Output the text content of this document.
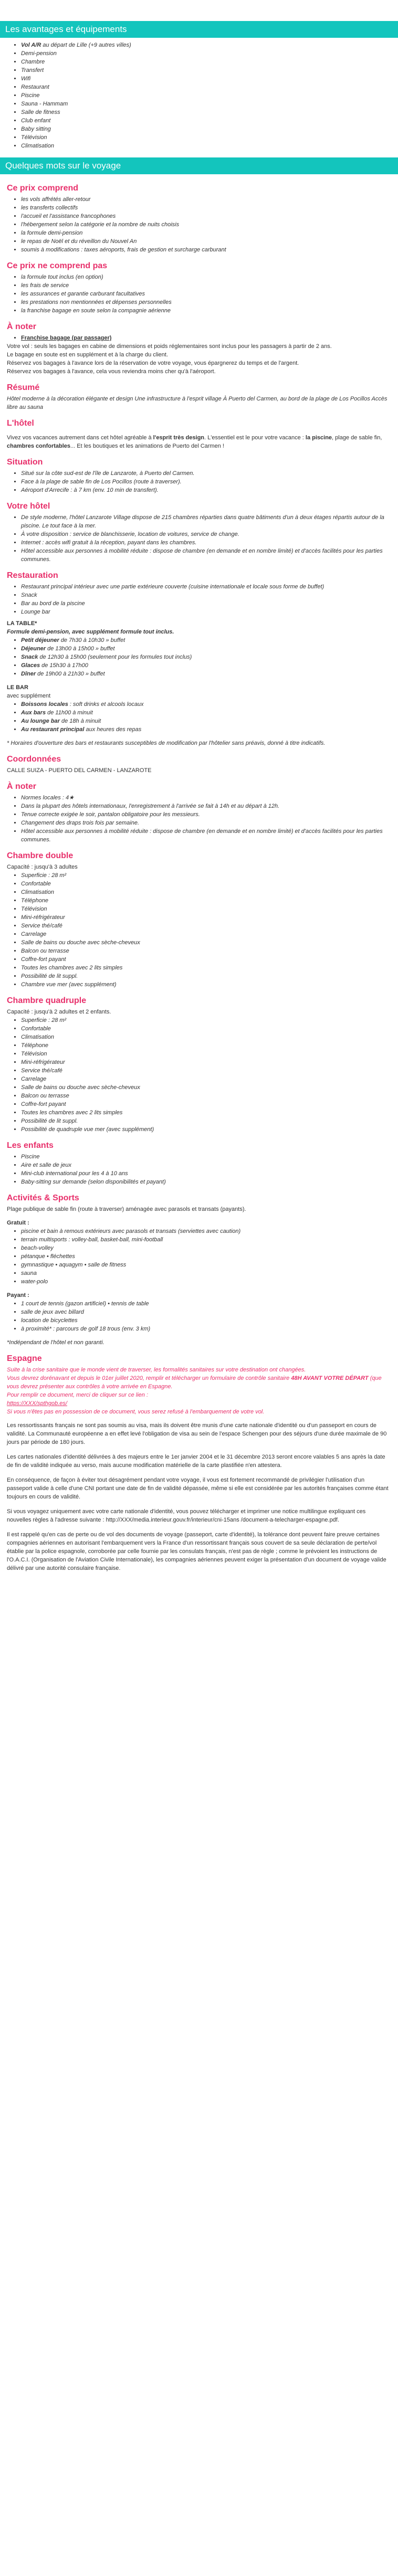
Les avantages et équipements
• Vol A/R au départ de Lille (+9 autres villes)
• Demi-pension
• Chambre
• Transfert
• Wifi
• Restaurant
• Piscine
• Sauna - Hammam
• Salle de fitness
• Club enfant
• Baby sitting
• Télévision
• Climatisation
Quelques mots sur le voyage
Ce prix comprend
• les vols affrétés aller-retour
• les transferts collectifs
• l'accueil et l'assistance francophones
• l'hébergement selon la catégorie et la nombre de nuits choisis
• la formule demi-pension
• le repas de Noël et du réveillon du Nouvel An
• soumis à modifications : taxes aéroports, frais de gestion et surcharge carburant
Ce prix ne comprend pas
• la formule tout inclus (en option)
• les frais de service
• les assurances et garantie carburant facultatives
• les prestations non mentionnées et dépenses personnelles
• la franchise bagage en soute selon la compagnie aérienne
À noter
• Franchise bagage (par passager)

Votre vol : seuls les bagages en cabine de dimensions et poids réglementaires sont inclus pour les passagers à partir de 2 ans.

Le bagage en soute est en supplément et à la charge du client.

Réservez vos bagages à l'avance lors de la réservation de votre voyage, vous épargnerez du temps et de l'argent.

Réservez vos bagages à l'avance, cela vous reviendra moins cher qu'à l'aéroport.

Résumé

Hôtel moderne à la décoration élégante et design Une infrastructure à l'esprit village À Puerto del Carmen, au bord de la plage de Los Pocillos Accès libre au sauna

L'hôtel

Vivez vos vacances autrement dans cet hôtel agréable à l'esprit très design. L'essentiel est le pour votre vacance : la piscine, plage de sable fin, chambres confortables... Et les boutiques et les animations de Puerto del Carmen !

Situation
• Situé sur la côte sud-est de l'île de Lanzarote, à Puerto del Carmen.
• Face à la plage de sable fin de Los Pocillos (route à traverser).
• Aéroport d'Arrecife : à 7 km (env. 10 min de transfert).
Votre hôtel
• De style moderne, l'hôtel Lanzarote Village dispose de 215 chambres réparties dans quatre bâtiments d'un à deux étages répartis autour de la piscine. Le tout face à la mer.
• À votre disposition : service de blanchisserie, location de voitures, service de change.
• Internet : accès wifi gratuit à la réception, payant dans les chambres.
• Hôtel accessible aux personnes à mobilité réduite : dispose de chambre (en demande et en nombre limité) et d'accès facilités pour les parties communes.
Restauration
• Restaurant principal intérieur avec une partie extérieure couverte (cuisine internationale et locale sous forme de buffet)
• Snack
• Bar au bord de la piscine
• Lounge bar

LA TABLE*

Formule demi-pension, avec supplément formule tout inclus.

• Petit déjeuner de 7h30 à 10h30 » buffet
• Déjeuner de 13h00 à 15h00 » buffet
• Snack de 12h30 à 15h00 (seulement pour les formules tout inclus)
• Glaces de 15h30 à 17h00
• Dîner de 19h00 à 21h30 » buffet

LE BAR

avec supplément

• Boissons locales : soft drinks et alcools locaux
• Aux bars de 11h00 à minuit
• Au lounge bar de 18h à minuit
• Au restaurant principal aux heures des repas

* Horaires d'ouverture des bars et restaurants susceptibles de modification par l'hôtelier sans préavis, donné à titre indicatifs.

Coordonnées

CALLE SUIZA - PUERTO DEL CARMEN - LANZAROTE

À noter
• Normes locales : 4★
• Dans la plupart des hôtels internationaux, l'enregistrement à l'arrivée se fait à 14h et au départ à 12h.
• Tenue correcte exigée le soir, pantalon obligatoire pour les messieurs.
• Changement des draps trois fois par semaine.
• Hôtel accessible aux personnes à mobilité réduite : dispose de chambre (en demande et en nombre limité) et d'accès facilités pour les parties communes.
Chambre double

Capacité : jusqu'à 3 adultes

• Superficie : 28 m²
• Confortable
• Climatisation
• Téléphone
• Télévision
• Mini-réfrigérateur
• Service thé/café
• Carrelage
• Salle de bains ou douche avec sèche-cheveux
• Balcon ou terrasse
• Coffre-fort payant
• Toutes les chambres avec 2 lits simples
• Possibilité de lit suppl.
• Chambre vue mer (avec supplément)
Chambre quadruple

Capacité : jusqu'à 2 adultes et 2 enfants.

• Superficie : 28 m²
• Confortable
• Climatisation
• Téléphone
• Télévision
• Mini-réfrigérateur
• Service thé/café
• Carrelage
• Salle de bains ou douche avec sèche-cheveux
• Balcon ou terrasse
• Coffre-fort payant
• Toutes les chambres avec 2 lits simples
• Possibilité de lit suppl.
• Possibilité de quadruple vue mer (avec supplément)
Les enfants
• Piscine
• Aire et salle de jeux
• Mini-club international pour les 4 à 10 ans
• Baby-sitting sur demande (selon disponibilités et payant)
Activités & Sports

Plage publique de sable fin (route à traverser) aménagée avec parasols et transats (payants).

Gratuit :

• piscine et bain à remous extérieurs avec parasols et transats (serviettes avec caution)
• terrain multisports : volley-ball, basket-ball, mini-football
• beach-volley
• pétanque • fléchettes
• gymnastique • aquagym • salle de fitness
• sauna
• water-polo

Payant :

• 1 court de tennis (gazon artificiel) • tennis de table
• salle de jeux avec billard
• location de bicyclettes
• à proximité* : parcours de golf 18 trous (env. 3 km)

*Indépendant de l'hôtel et non garanti.

Espagne

Suite à la crise sanitaire que le monde vient de traverser, les formalités sanitaires sur votre destination ont changées.

Vous devrez dorénavant et depuis le 01er juillet 2020, remplir et télécharger un formulaire de contrôle sanitaire 48H AVANT VOTRE DÉPART (que vous devrez présenter aux contrôles à votre arrivée en Espagne.

Pour remplir ce document, merci de cliquer sur ce lien :

https://XXX/spthgob.es/

Si vous n'êtes pas en possession de ce document, vous serez refusé à l'embarquement de votre vol.

Les ressortissants français ne sont pas soumis au visa, mais ils doivent être munis d'une carte nationale d'identité ou d'un passeport en cours de validité. La Communauté européenne a en effet levé l'obligation de visa au sein de l'espace Schengen pour des séjours d'une durée maximale de 90 jours par période de 180 jours.

Les cartes nationales d'identité délivrées à des majeurs entre le 1er janvier 2004 et le 31 décembre 2013 seront encore valables 5 ans après la date de fin de validité indiquée au verso, mais aucune modification matérielle de la carte plastifiée n'en attestera.

En conséquence, de façon à éviter tout désagrément pendant votre voyage, il vous est fortement recommandé de privilégier l'utilisation d'un passeport valide à celle d'une CNI portant une date de fin de validité dépassée, même si elle est considérée par les autorités françaises comme étant toujours en cours de validité.

Si vous voyagez uniquement avec votre carte nationale d'identité, vous pouvez télécharger et imprimer une notice multilingue expliquant ces nouvelles règles à l'adresse suivante : http://XXX/media.interieur.gouv.fr/interieur/cni-15ans /document-a-telecharger-espagne.pdf.

Il est rappelé qu'en cas de perte ou de vol des documents de voyage (passeport, carte d'identité), la tolérance dont peuvent faire preuve certaines compagnies aériennes en autorisant l'embarquement vers la France d'un ressortissant français sous couvert de sa seule déclaration de perte/vol établie par la police espagnole, corroborée par celle fournie par les consulats français, n'est pas de règle ; comme le prévoient les instructions de l'O.A.C.I. (Organisation de l'Aviation Civile Internationale), les compagnies aériennes peuvent exiger la présentation d'un document de voyage valide délivré par une autorité consulaire française.
